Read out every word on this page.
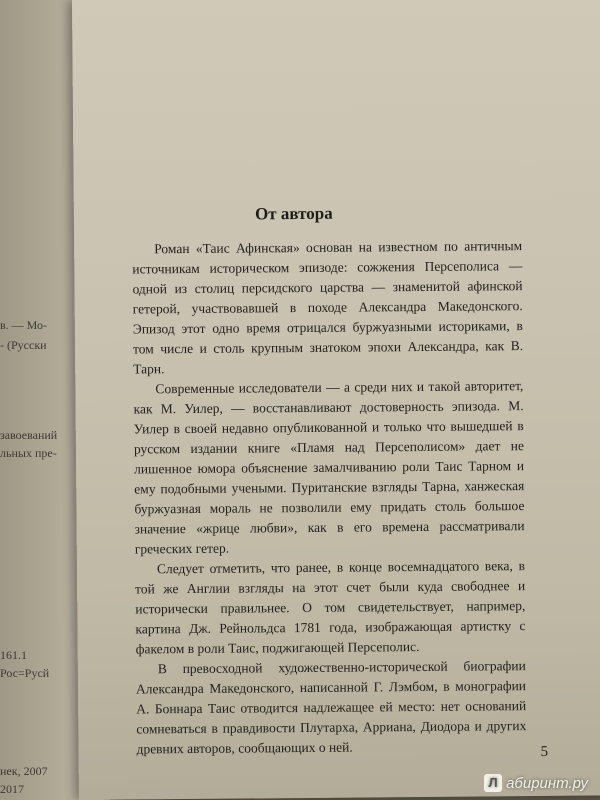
в. — Мо-
- (Русски
завоеваний
льных пре-
161.1
Рос=Русй
нек, 2007
2017
От автора

Роман «Таис Афинская» основан на известном по античным источникам историческом эпизоде: сожжения Персеполиса — одной из столиц персидского царства — знаменитой афинской гетерой, участвовавшей в походе Александра Македонского. Эпизод этот одно время отрицался буржуазными историками, в том числе и столь крупным знатоком эпохи Александра, как В. Тарн.

Современные исследователи — а среди них и такой авторитет, как М. Уилер, — восстанавливают достоверность эпизода. М. Уилер в своей недавно опубликованной и только что вышедшей в русском издании книге «Пламя над Персеполисом» дает не лишенное юмора объяснение замалчиванию роли Таис Тарном и ему подобными учеными. Пуританские взгляды Тарна, ханжеская буржуазная мораль не позволили ему придать столь большое значение «жрице любви», как в его времена рассматривали греческих гетер.

Следует отметить, что ранее, в конце восемнадцатого века, в той же Англии взгляды на этот счет были куда свободнее и исторически правильнее. О том свидетельствует, например, картина Дж. Рейнольдса 1781 года, изображающая артистку с факелом в роли Таис, поджигающей Персеполис.

В превосходной художественно-исторической биографии Александра Македонского, написанной Г. Лэмбом, в монографии А. Боннара Таис отводится надлежащее ей место: нет оснований сомневаться в правдивости Плутарха, Арриана, Диодора и других древних авторов, сообщающих о ней.	5
Л абиринт.ру
